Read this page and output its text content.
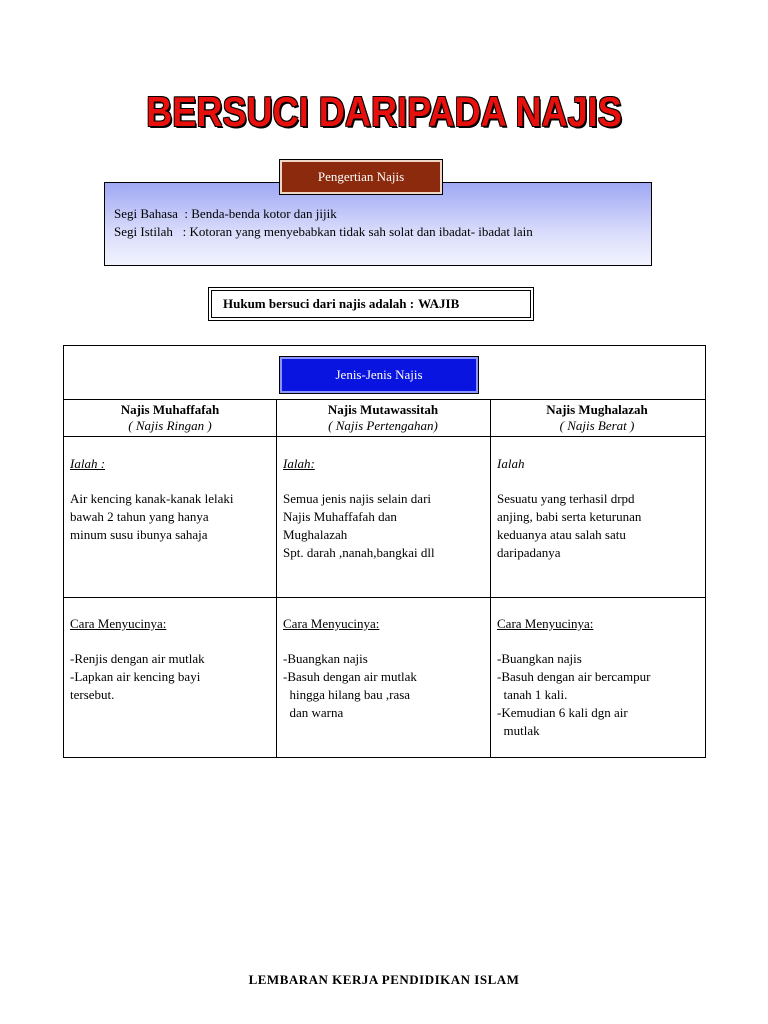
BERSUCI DARIPADA NAJIS
Pengertian Najis
Segi Bahasa  : Benda-benda kotor dan jijik
Segi Istilah   : Kotoran yang menyebabkan tidak sah solat dan ibadat- ibadat lain
Hukum bersuci dari najis adalah : WAJIB
Jenis-Jenis Najis
Najis Muhaffafah
( Najis Ringan )
Najis Mutawassitah
( Najis Pertengahan)
Najis Mughalazah
( Najis Berat )
Ialah :
Air kencing kanak-kanak lelaki
bawah 2 tahun yang hanya
minum susu ibunya sahaja
Ialah:
Semua jenis najis selain dari
Najis Muhaffafah dan
Mughalazah
Spt. darah ,nanah,bangkai dll
Ialah
Sesuatu yang terhasil drpd
anjing, babi serta keturunan
keduanya atau salah satu
daripadanya
Cara Menyucinya:
-Renjis dengan air mutlak
-Lapkan air kencing bayi
tersebut.
Cara Menyucinya:
-Buangkan najis
-Basuh dengan air mutlak
hingga hilang bau ,rasa
dan warna
Cara Menyucinya:
-Buangkan najis
-Basuh dengan air bercampur
tanah 1 kali.
-Kemudian 6 kali dgn air
mutlak
LEMBARAN KERJA PENDIDIKAN ISLAM
